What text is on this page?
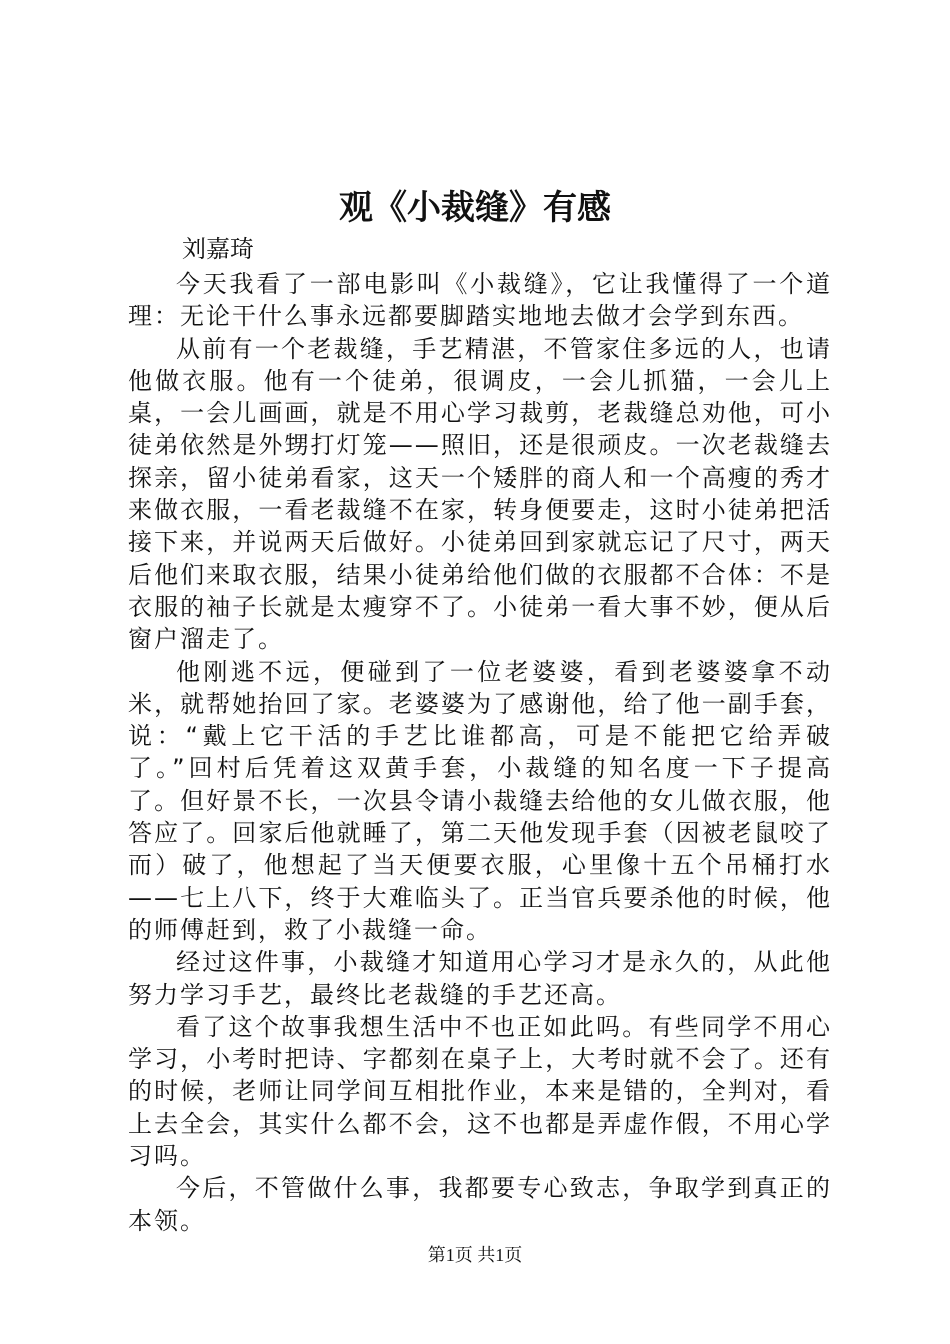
观《小裁缝》有感

刘嘉琦

今天我看了一部电影叫《小裁缝》，它让我懂得了一个道理：无论干什么事永远都要脚踏实地地去做才会学到东西。

从前有一个老裁缝，手艺精湛，不管家住多远的人，也请他做衣服。他有一个徒弟，很调皮，一会儿抓猫，一会儿上桌，一会儿画画，就是不用心学习裁剪，老裁缝总劝他，可小徒弟依然是外甥打灯笼——照旧，还是很顽皮。一次老裁缝去探亲，留小徒弟看家，这天一个矮胖的商人和一个高瘦的秀才来做衣服，一看老裁缝不在家，转身便要走，这时小徒弟把活接下来，并说两天后做好。小徒弟回到家就忘记了尺寸，两天后他们来取衣服，结果小徒弟给他们做的衣服都不合体：不是衣服的袖子长就是太瘦穿不了。小徒弟一看大事不妙，便从后窗户溜走了。

他刚逃不远，便碰到了一位老婆婆，看到老婆婆拿不动米，就帮她抬回了家。老婆婆为了感谢他，给了他一副手套，说：“戴上它干活的手艺比谁都高，可是不能把它给弄破了。”回村后凭着这双黄手套，小裁缝的知名度一下子提高了。但好景不长，一次县令请小裁缝去给他的女儿做衣服，他答应了。回家后他就睡了，第二天他发现手套（因被老鼠咬了而）破了，他想起了当天便要衣服，心里像十五个吊桶打水——七上八下，终于大难临头了。正当官兵要杀他的时候，他的师傅赶到，救了小裁缝一命。

经过这件事，小裁缝才知道用心学习才是永久的，从此他努力学习手艺，最终比老裁缝的手艺还高。

看了这个故事我想生活中不也正如此吗。有些同学不用心学习，小考时把诗、字都刻在桌子上，大考时就不会了。还有的时候，老师让同学间互相批作业，本来是错的，全判对，看上去全会，其实什么都不会，这不也都是弄虚作假，不用心学习吗。

今后，不管做什么事，我都要专心致志，争取学到真正的本领。

第1页 共1页
